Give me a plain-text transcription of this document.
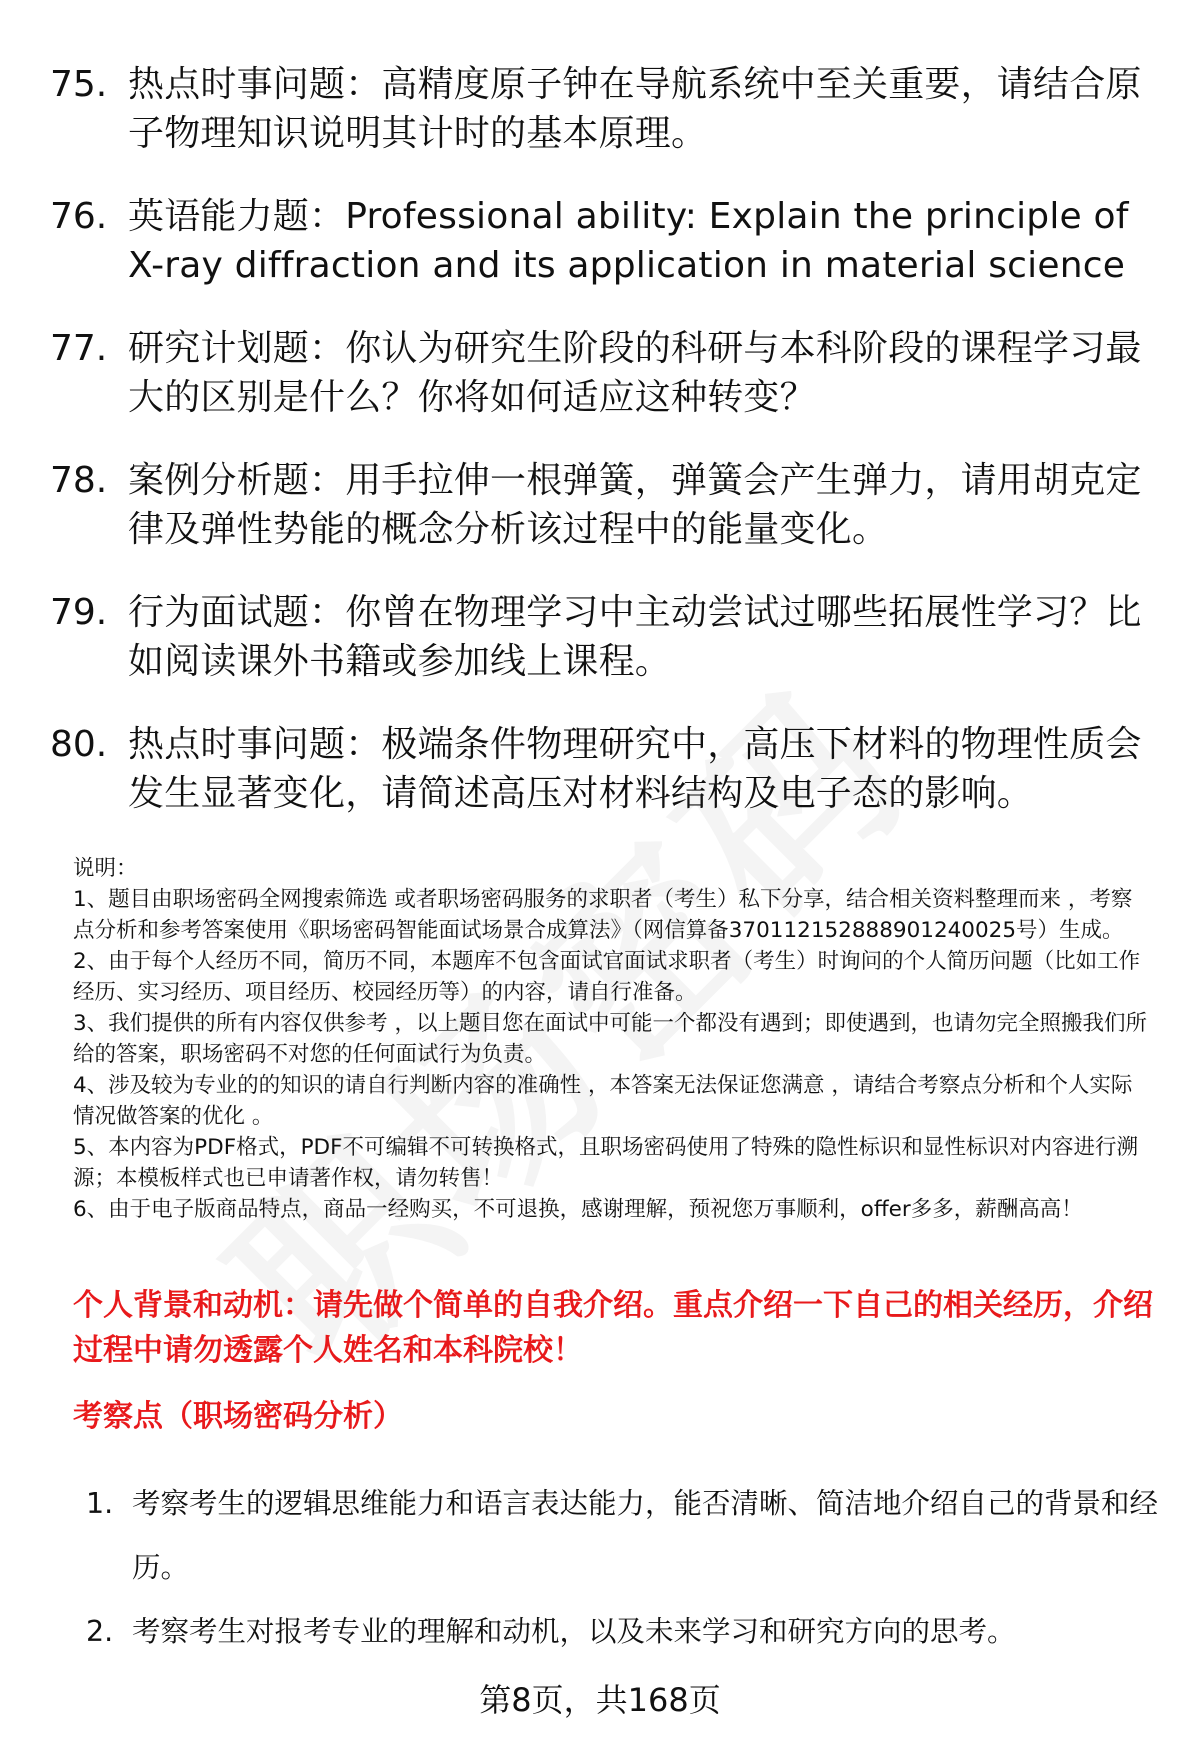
75. 热点时事问题：高精度原子钟在导航系统中至关重要，请结合原子物理知识说明其计时的基本原理。
76. 英语能力题：Professional ability: Explain the principle of X-ray diffraction and its application in material science
77. 研究计划题：你认为研究生阶段的科研与本科阶段的课程学习最大的区别是什么？你将如何适应这种转变？
78. 案例分析题：用手拉伸一根弹簧，弹簧会产生弹力，请用胡克定律及弹性势能的概念分析该过程中的能量变化。
79. 行为面试题：你曾在物理学习中主动尝试过哪些拓展性学习？比如阅读课外书籍或参加线上课程。
80. 热点时事问题：极端条件物理研究中，高压下材料的物理性质会发生显著变化，请简述高压对材料结构及电子态的影响。

说明：

1、题目由职场密码全网搜索筛选 或者职场密码服务的求职者（考生）私下分享，结合相关资料整理而来 ，考察点分析和参考答案使用《职场密码智能面试场景合成算法》（网信算备370112152888901240025号）生成。

2、由于每个人经历不同，简历不同，本题库不包含面试官面试求职者（考生）时询问的个人简历问题（比如工作经历、实习经历、项目经历、校园经历等）的内容，请自行准备。

3、我们提供的所有内容仅供参考 ，以上题目您在面试中可能一个都没有遇到；即使遇到，也请勿完全照搬我们所给的答案，职场密码不对您的任何面试行为负责。

4、涉及较为专业的的知识的请自行判断内容的准确性 ，本答案无法保证您满意 ，请结合考察点分析和个人实际情况做答案的优化 。

5、本内容为PDF格式，PDF不可编辑不可转换格式，且职场密码使用了特殊的隐性标识和显性标识对内容进行溯源；本模板样式也已申请著作权，请勿转售！

6、由于电子版商品特点，商品一经购买，不可退换，感谢理解，预祝您万事顺利，offer多多，薪酬高高！

个人背景和动机：请先做个简单的自我介绍。重点介绍一下自己的相关经历，介绍过程中请勿透露个人姓名和本科院校！
考察点（职场密码分析）
1. 考察考生的逻辑思维能力和语言表达能力，能否清晰、简洁地介绍自己的背景和经历。
2. 考察考生对报考专业的理解和动机，以及未来学习和研究方向的思考。
第8页，共168页
